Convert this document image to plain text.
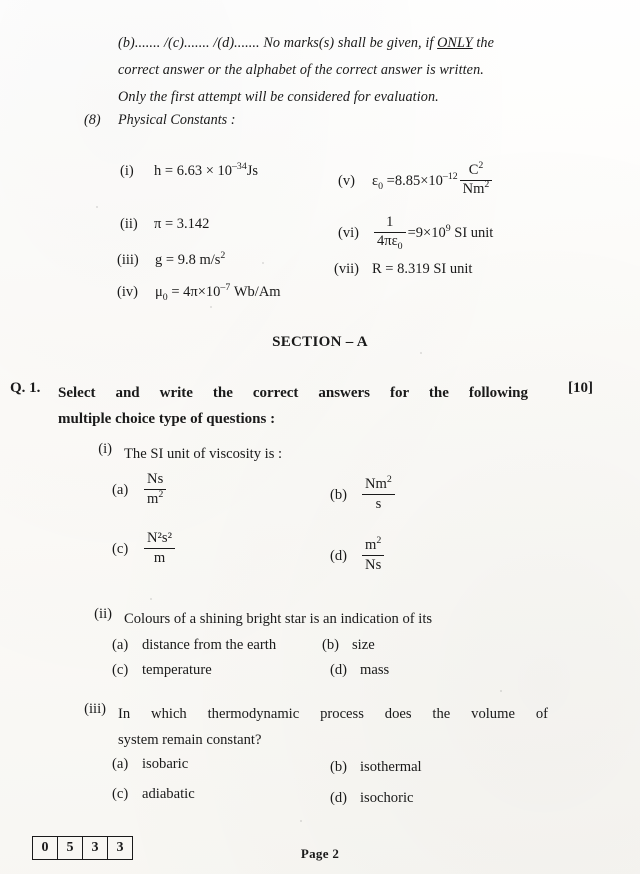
(b)....... /(c)....... /(d)....... No marks(s) shall be given, if ONLY the
correct answer or the alphabet of the correct answer is written.
Only the first attempt will be considered for evaluation.
(8) Physical Constants :
(i) $h = 6.63 \times 10^{-34}Js$
(ii) π = 3.142
(iii) g = 9.8 $m/s^2$
(iv) $\mu_0 = 4\pi\times 10^{-7}$ Wb/Am
(v) $\varepsilon_0 =8.85\times 10^{-12} \frac{C^2}{Nm^2}$
$(vi) \frac{1}{4\pi\varepsilon_0} =9\times 10^9$ SI unit
(vii) R = 8.319 SI unit
SECTION – A
Q. 1. Select and write the correct answers for the following
multiple choice type of questions :
[10]
(i) The SI unit of viscosity is :
$(a) \frac{Ns}{m^2}$	$(b) \frac{Nm^2}{s}$
$(c) \frac{\text{N²s²}}{m}$	$(d) \frac{m^2}{Ns}$
(ii) Colours of a shining bright star is an indication of its
(a) distance from the earth	(b) size
(c) temperature	(d) mass
(iii) In which thermodynamic process does the volume of
system remain constant?
(a) isobaric	(b) isothermal
(c) adiabatic	(d) isochoric
0	5	3	3	Page 2
